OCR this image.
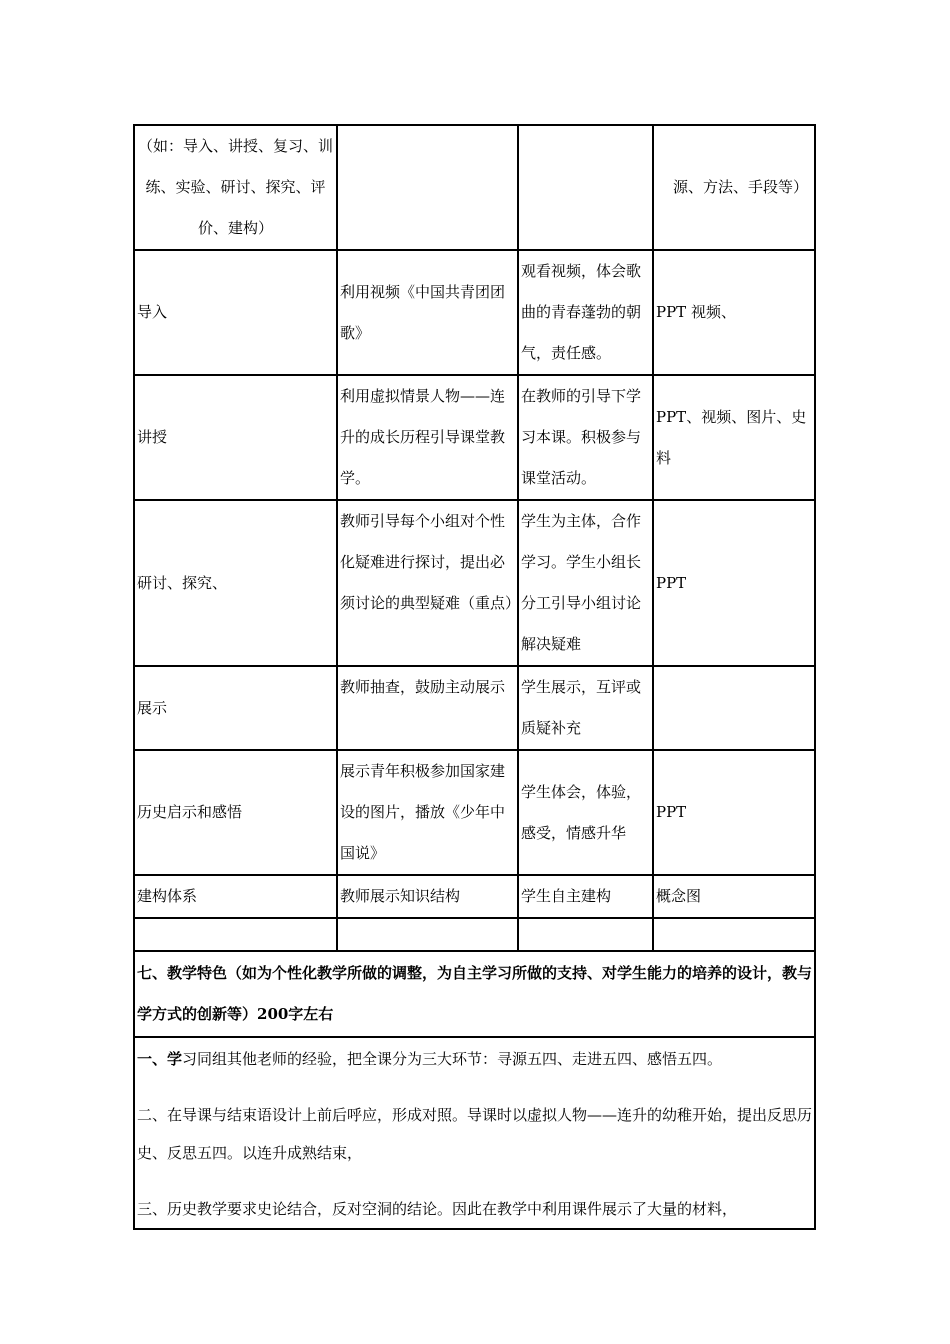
（如：导入、讲授、复习、训练、实验、研讨、探究、评价、建构）			源、方法、手段等）
导入	利用视频《中国共青团团歌》	观看视频，体会歌曲的青春蓬勃的朝气，责任感。	PPT 视频、
讲授	利用虚拟情景人物——连升的成长历程引导课堂教学。	在教师的引导下学习本课。积极参与课堂活动。	PPT、视频、图片、史料
研讨、探究、	教师引导每个小组对个性化疑难进行探讨，提出必须讨论的典型疑难（重点）	学生为主体，合作学习。学生小组长分工引导小组讨论解决疑难	PPT
展示	教师抽查，鼓励主动展示	学生展示，互评或质疑补充	
历史启示和感悟	展示青年积极参加国家建设的图片，播放《少年中国说》	学生体会，体验，感受，情感升华	PPT
建构体系	教师展示知识结构	学生自主建构	概念图

七、教学特色（如为个性化教学所做的调整，为自主学习所做的支持、对学生能力的培养的设计，教与学方式的创新等）200字左右			

一、学习同组其他老师的经验，把全课分为三大环节：寻源五四、走进五四、感悟五四。
二、在导课与结束语设计上前后呼应，形成对照。导课时以虚拟人物——连升的幼稚开始，提出反思历史、反思五四。以连升成熟结束，
三、历史教学要求史论结合，反对空洞的结论。因此在教学中利用课件展示了大量的材料，			
